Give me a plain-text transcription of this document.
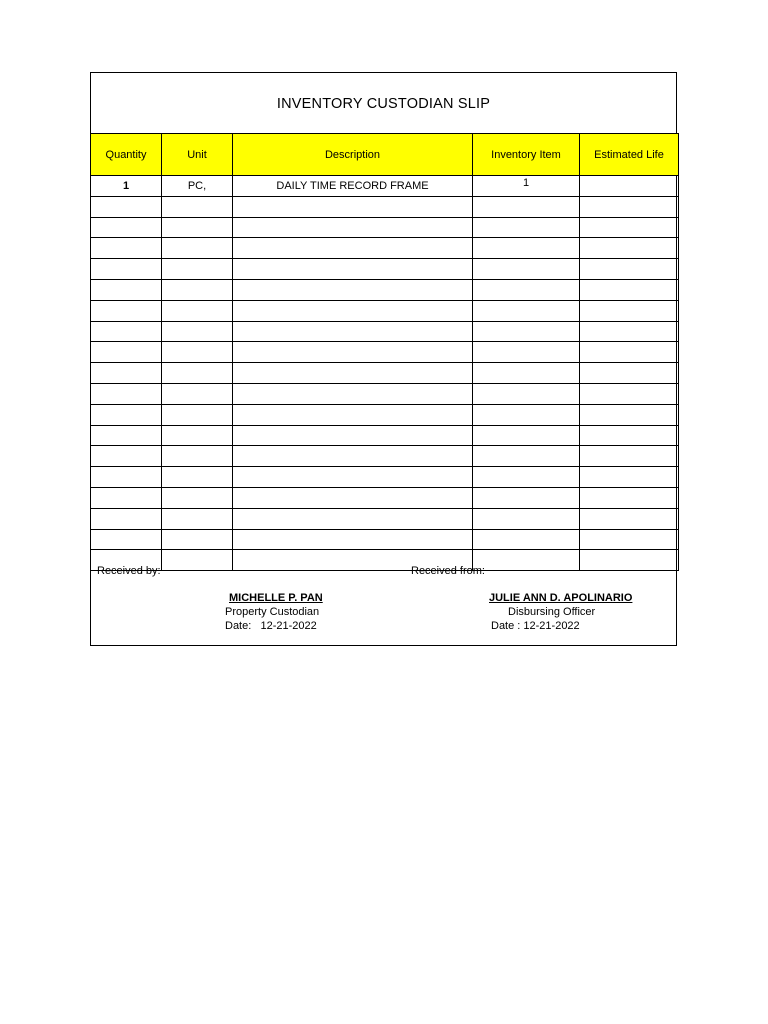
INVENTORY CUSTODIAN SLIP
Quantity	Unit	Description	Inventory Item	Estimated Life
1	PC,	DAILY TIME RECORD FRAME	1	

Received by:	Received from:
MICHELLE P. PAN
Property Custodian
Date:   12-21-2022
JULIE ANN D. APOLINARIO
Disbursing Officer
Date : 12-21-2022
